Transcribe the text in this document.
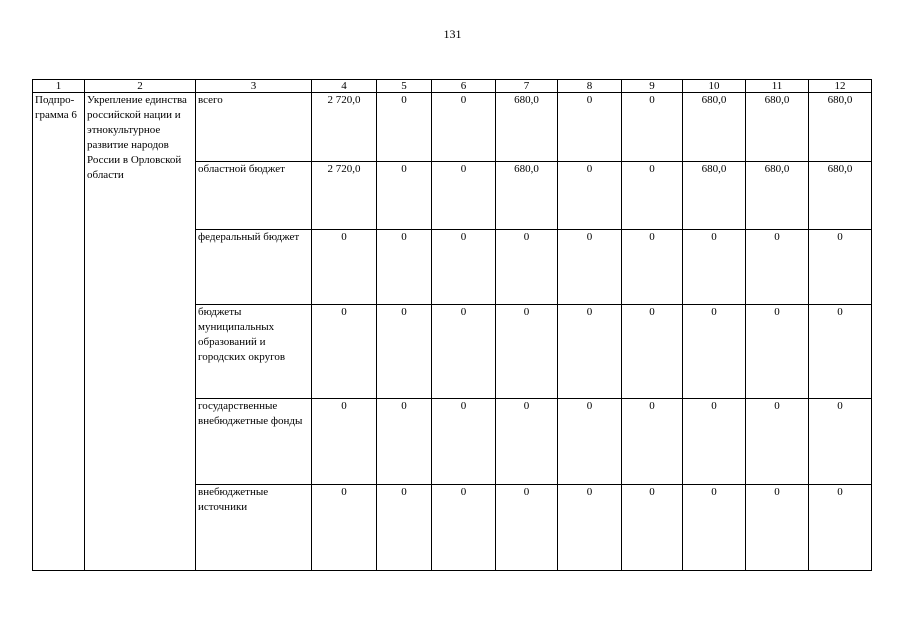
131
1	2	3	4	5	6	7	8	9	10	11	12
Подпро-грамма 6	Укрепление единства российской нации и этнокультурное развитие народов России в Орловской области	всего	2 720,0	0	0	680,0	0	0	680,0	680,0	680,0
		областной бюджет	2 720,0	0	0	680,0	0	0	680,0	680,0	680,0
		федеральный бюджет	0	0	0	0	0	0	0	0	0
		бюджеты муниципальных образований и городских округов	0	0	0	0	0	0	0	0	0
		государственные внебюджетные фонды	0	0	0	0	0	0	0	0	0
		внебюджетные источники	0	0	0	0	0	0	0	0	0
